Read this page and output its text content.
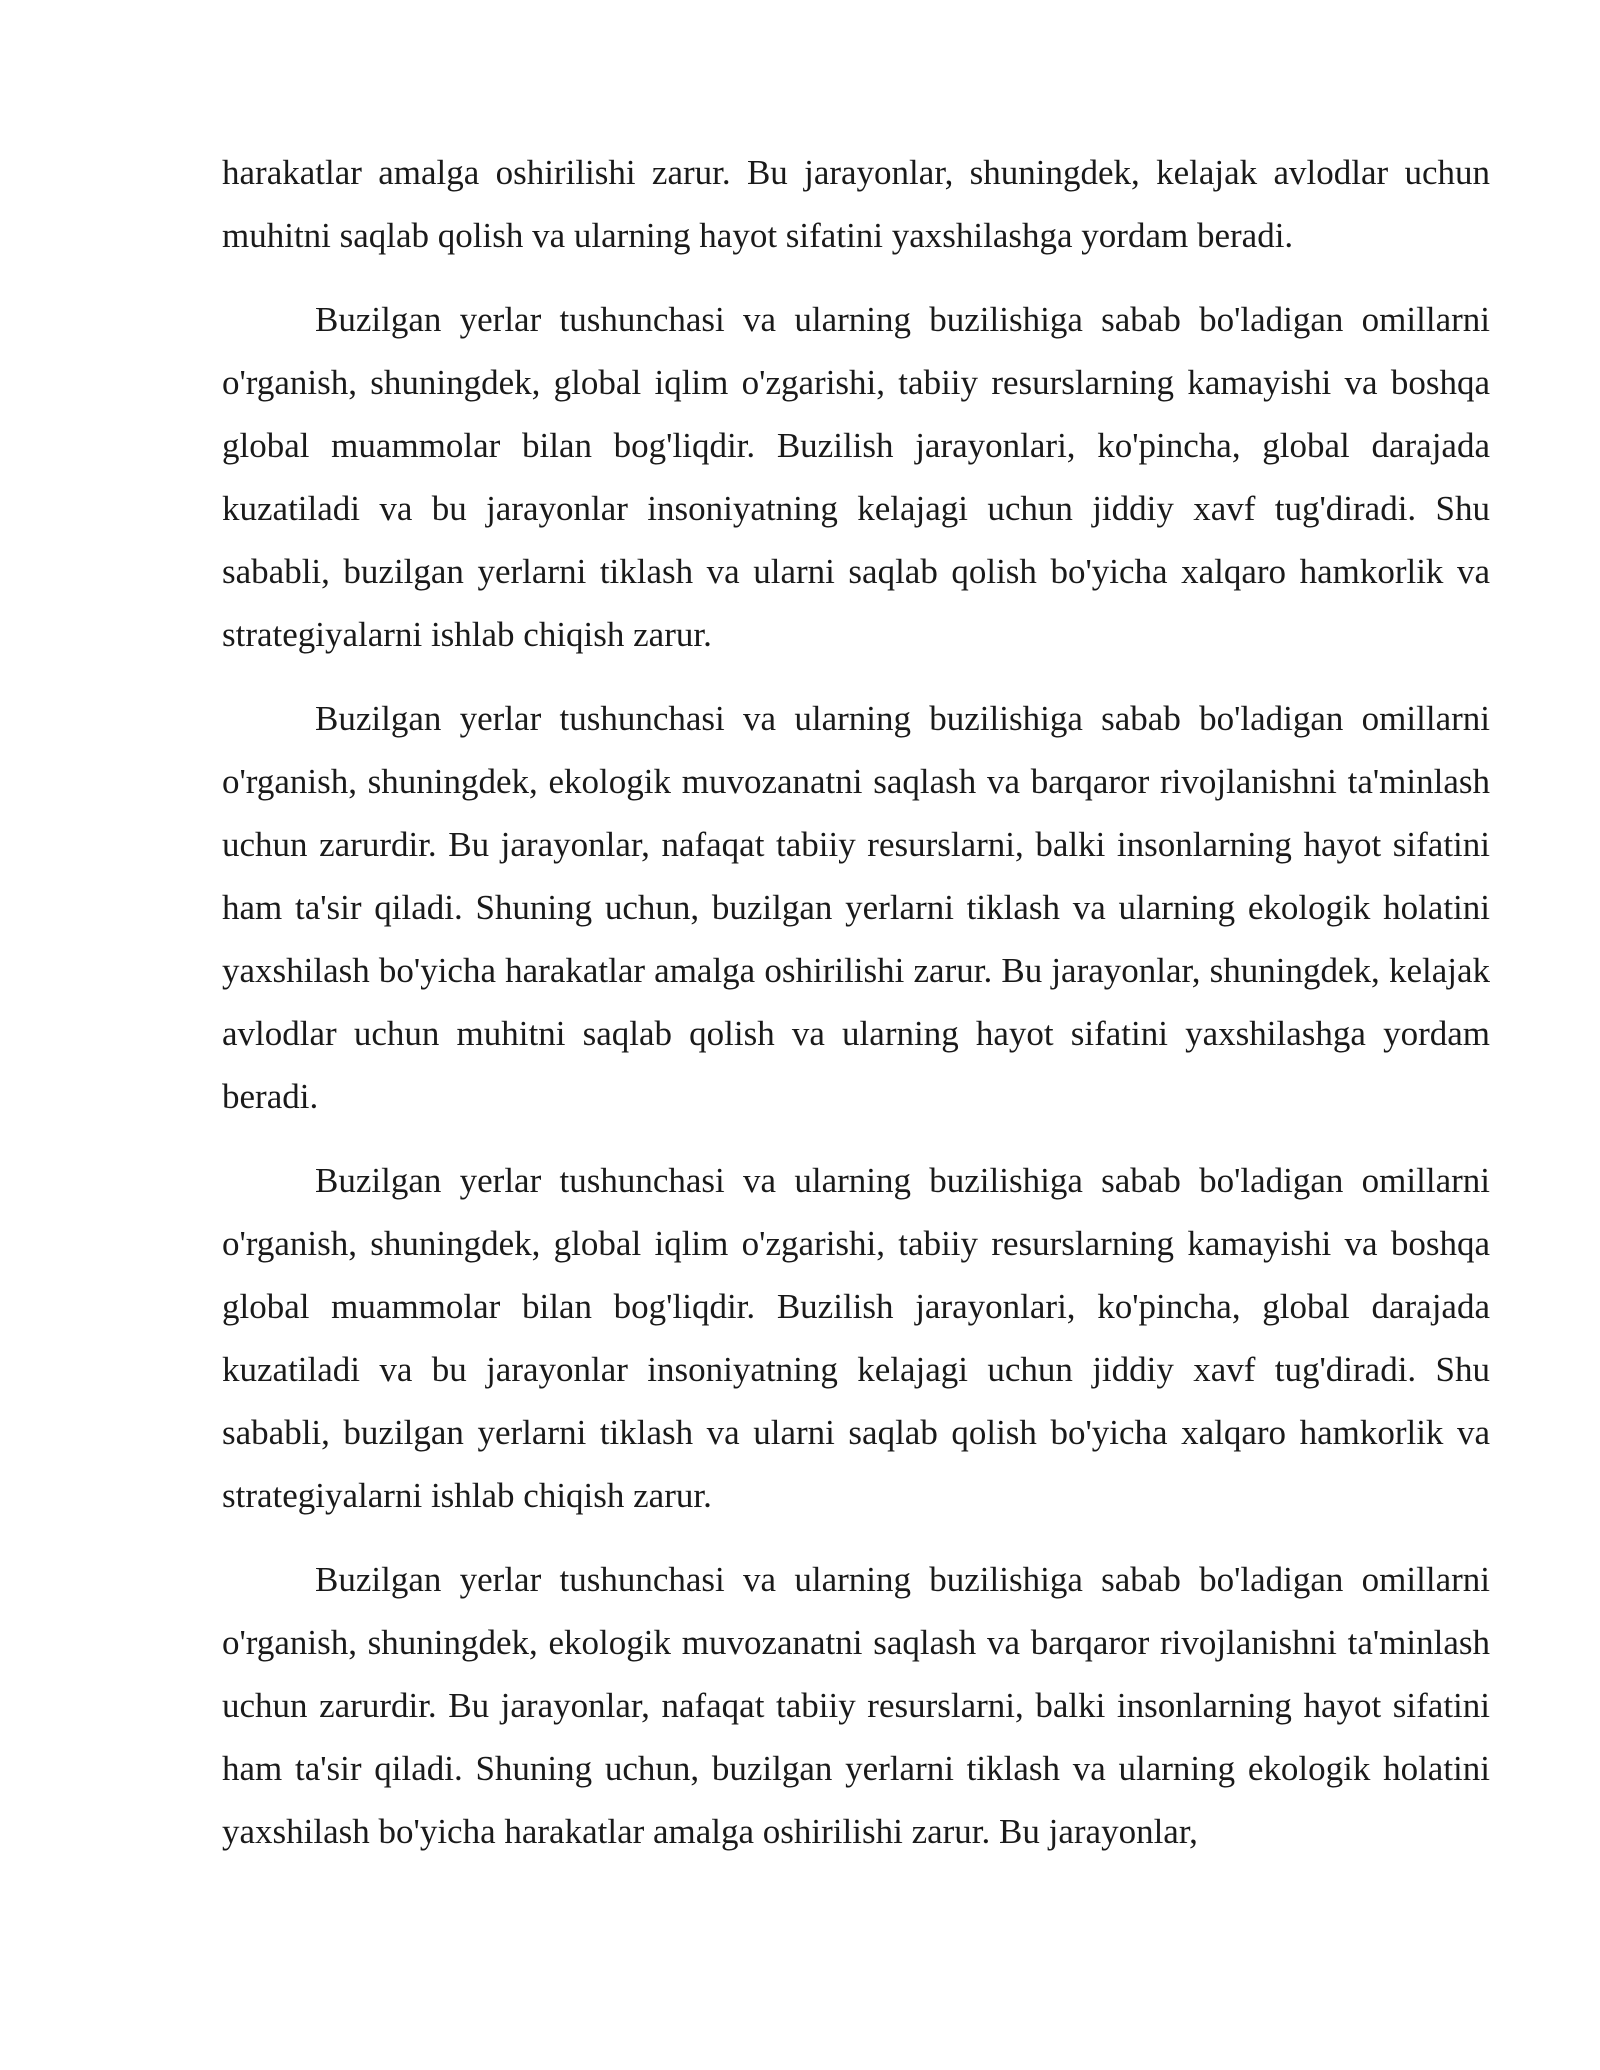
harakatlar amalga oshirilishi zarur. Bu jarayonlar, shuningdek, kelajak avlodlar uchun muhitni saqlab qolish va ularning hayot sifatini yaxshilashga yordam beradi.

Buzilgan yerlar tushunchasi va ularning buzilishiga sabab bo'ladigan omillarni o'rganish, shuningdek, global iqlim o'zgarishi, tabiiy resurslarning kamayishi va boshqa global muammolar bilan bog'liqdir. Buzilish jarayonlari, ko'pincha, global darajada kuzatiladi va bu jarayonlar insoniyatning kelajagi uchun jiddiy xavf tug'diradi. Shu sababli, buzilgan yerlarni tiklash va ularni saqlab qolish bo'yicha xalqaro hamkorlik va strategiyalarni ishlab chiqish zarur.

Buzilgan yerlar tushunchasi va ularning buzilishiga sabab bo'ladigan omillarni o'rganish, shuningdek, ekologik muvozanatni saqlash va barqaror rivojlanishni ta'minlash uchun zarurdir. Bu jarayonlar, nafaqat tabiiy resurslarni, balki insonlarning hayot sifatini ham ta'sir qiladi. Shuning uchun, buzilgan yerlarni tiklash va ularning ekologik holatini yaxshilash bo'yicha harakatlar amalga oshirilishi zarur. Bu jarayonlar, shuningdek, kelajak avlodlar uchun muhitni saqlab qolish va ularning hayot sifatini yaxshilashga yordam beradi.

Buzilgan yerlar tushunchasi va ularning buzilishiga sabab bo'ladigan omillarni o'rganish, shuningdek, global iqlim o'zgarishi, tabiiy resurslarning kamayishi va boshqa global muammolar bilan bog'liqdir. Buzilish jarayonlari, ko'pincha, global darajada kuzatiladi va bu jarayonlar insoniyatning kelajagi uchun jiddiy xavf tug'diradi. Shu sababli, buzilgan yerlarni tiklash va ularni saqlab qolish bo'yicha xalqaro hamkorlik va strategiyalarni ishlab chiqish zarur.

Buzilgan yerlar tushunchasi va ularning buzilishiga sabab bo'ladigan omillarni o'rganish, shuningdek, ekologik muvozanatni saqlash va barqaror rivojlanishni ta'minlash uchun zarurdir. Bu jarayonlar, nafaqat tabiiy resurslarni, balki insonlarning hayot sifatini ham ta'sir qiladi. Shuning uchun, buzilgan yerlarni tiklash va ularning ekologik holatini yaxshilash bo'yicha harakatlar amalga oshirilishi zarur. Bu jarayonlar,
